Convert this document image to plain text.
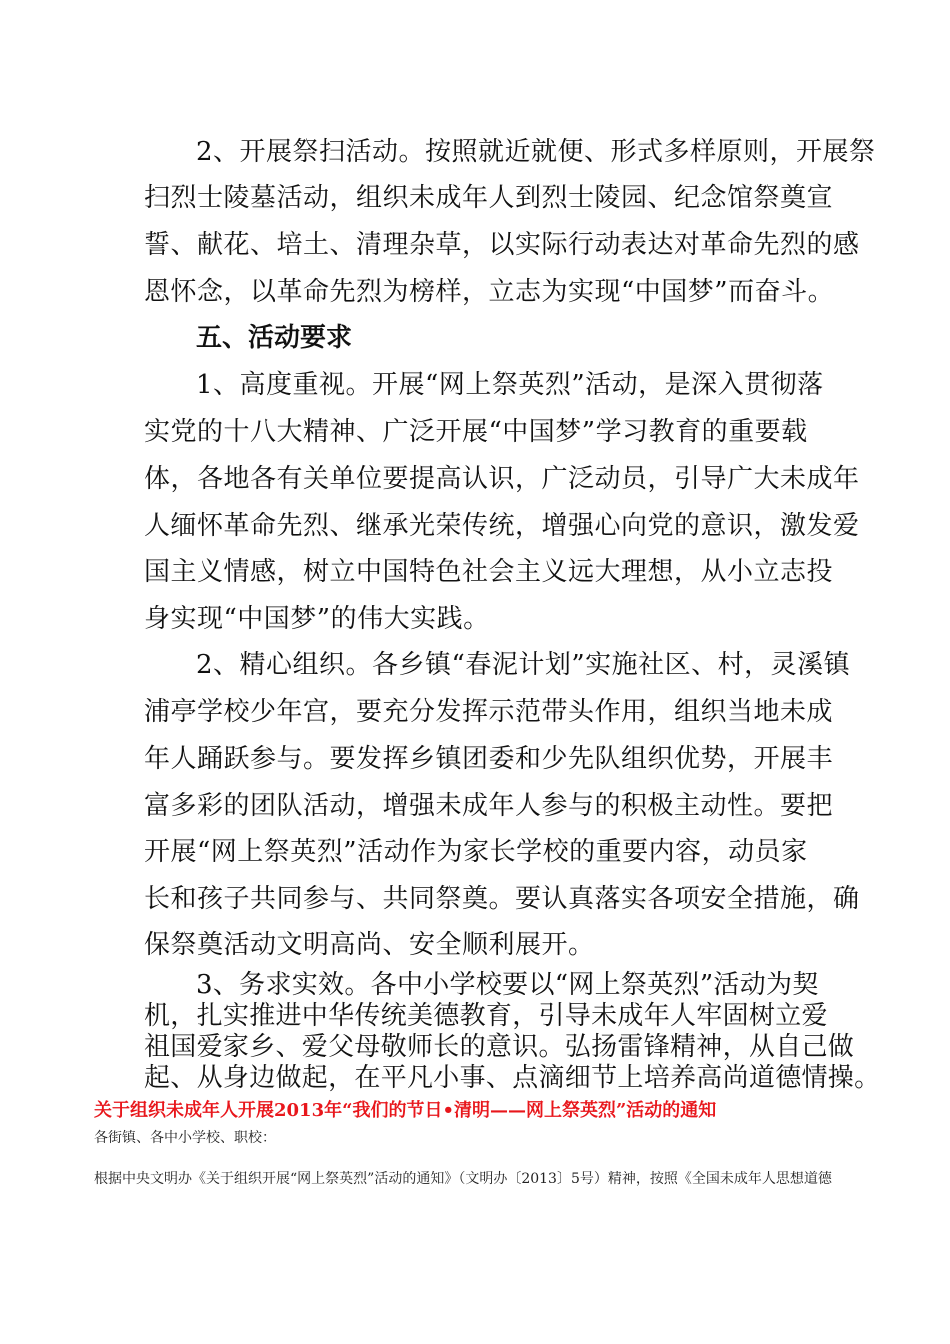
2、开展祭扫活动。按照就近就便、形式多样原则，开展祭
扫烈士陵墓活动，组织未成年人到烈士陵园、纪念馆祭奠宣
誓、献花、培土、清理杂草，以实际行动表达对革命先烈的感
恩怀念，以革命先烈为榜样，立志为实现“中国梦”而奋斗。
五、活动要求
1、高度重视。开展“网上祭英烈”活动，是深入贯彻落
实党的十八大精神、广泛开展“中国梦”学习教育的重要载
体，各地各有关单位要提高认识，广泛动员，引导广大未成年
人缅怀革命先烈、继承光荣传统，增强心向党的意识，激发爱
国主义情感，树立中国特色社会主义远大理想，从小立志投
身实现“中国梦”的伟大实践。
2、精心组织。各乡镇“春泥计划”实施社区、村，灵溪镇
浦亭学校少年宫，要充分发挥示范带头作用，组织当地未成
年人踊跃参与。要发挥乡镇团委和少先队组织优势，开展丰
富多彩的团队活动，增强未成年人参与的积极主动性。要把
开展“网上祭英烈”活动作为家长学校的重要内容，动员家
长和孩子共同参与、共同祭奠。要认真落实各项安全措施，确
保祭奠活动文明高尚、安全顺利展开。
3、务求实效。各中小学校要以“网上祭英烈”活动为契
机，扎实推进中华传统美德教育，引导未成年人牢固树立爱
祖国爱家乡、爱父母敬师长的意识。弘扬雷锋精神，从自己做
起、从身边做起，在平凡小事、点滴细节上培养高尚道德情操。
关于组织未成年人开展2013年“我们的节日•清明——网上祭英烈”活动的通知
各街镇、各中小学校、职校：
根据中央文明办《关于组织开展“网上祭英烈”活动的通知》（文明办〔2013〕5号）精神，按照《全国未成年人思想道德
